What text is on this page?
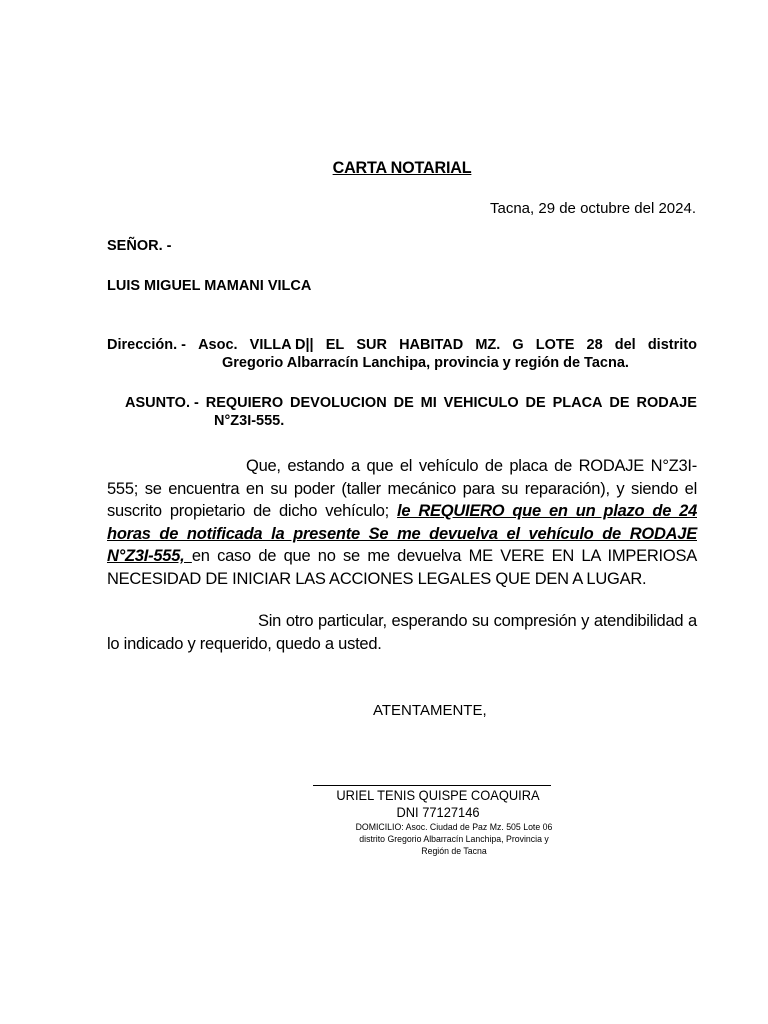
CARTA NOTARIAL
Tacna, 29 de octubre del 2024.
SEÑOR. -
LUIS MIGUEL MAMANI VILCA
Dirección. - Asoc. VILLA D|| EL SUR HABITAD MZ. G LOTE 28 del distrito
Gregorio Albarracín Lanchipa, provincia y región de Tacna.
ASUNTO. - REQUIERO DEVOLUCION DE MI VEHICULO DE PLACA DE RODAJE
N°Z3I-555.
Que, estando a que el vehículo de placa de RODAJE N°Z3I-555; se encuentra en su poder (taller mecánico para su reparación), y siendo el suscrito propietario de dicho vehículo; le REQUIERO que en un plazo de 24 horas de notificada la presente Se me devuelva el vehículo de RODAJE N°Z3I-555, en caso de que no se me devuelva ME VERE EN LA IMPERIOSA NECESIDAD DE INICIAR LAS ACCIONES LEGALES QUE DEN A LUGAR.
Sin otro particular, esperando su compresión y atendibilidad a lo indicado y requerido, quedo a usted.
ATENTAMENTE,
URIEL TENIS QUISPE COAQUIRA
DNI 77127146
DOMICILIO: Asoc. Ciudad de Paz Mz. 505 Lote 06
distrito Gregorio Albarracín Lanchipa, Provincia y
Región de Tacna
